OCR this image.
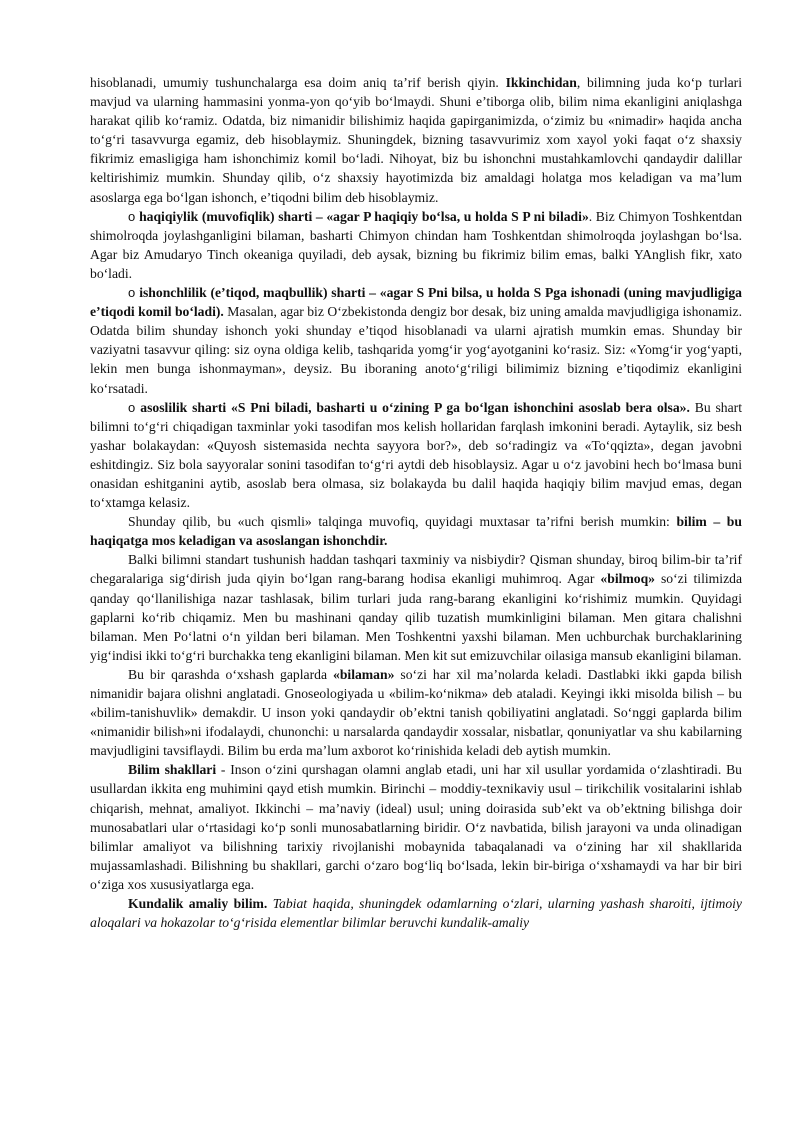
hisoblanadi, umumiy tushunchalarga esa doim aniq ta’rif berish qiyin. Ikkinchidan, bilimning juda ko‘p turlari mavjud va ularning hammasini yonma-yon qo‘yib bo‘lmaydi. Shuni e’tiborga olib, bilim nima ekanligini aniqlashga harakat qilib ko‘ramiz. Odatda, biz nimanidir bilishimiz haqida gapirganimizda, o‘zimiz bu «nimadir» haqida ancha to‘g‘ri tasavvurga egamiz, deb hisoblaymiz. Shuningdek, bizning tasavvurimiz xom xayol yoki faqat o‘z shaxsiy fikrimiz emasligiga ham ishonchimiz komil bo‘ladi. Nihoyat, biz bu ishonchni mustahkamlovchi qandaydir dalillar keltirishimiz mumkin. Shunday qilib, o‘z shaxsiy hayotimizda biz amaldagi holatga mos keladigan va ma’lum asoslarga ega bo‘lgan ishonch, e’tiqodni bilim deb hisoblaymiz.

o haqiqiylik (muvofiqlik) sharti – «agar P haqiqiy bo‘lsa, u holda S P ni biladi». Biz Chimyon Toshkentdan shimolroqda joylashganligini bilaman, basharti Chimyon chindan ham Toshkentdan shimolroqda joylashgan bo‘lsa. Agar biz Amudaryo Tinch okeaniga quyiladi, deb aysak, bizning bu fikrimiz bilim emas, balki YAnglish fikr, xato bo‘ladi.

o ishonchlilik (e’tiqod, maqbullik) sharti – «agar S Pni bilsa, u holda S Pga ishonadi (uning mavjudligiga e’tiqodi komil bo‘ladi). Masalan, agar biz O‘zbekistonda dengiz bor desak, biz uning amalda mavjudligiga ishonamiz. Odatda bilim shunday ishonch yoki shunday e’tiqod hisoblanadi va ularni ajratish mumkin emas. Shunday bir vaziyatni tasavvur qiling: siz oyna oldiga kelib, tashqarida yomg‘ir yog‘ayotganini ko‘rasiz. Siz: «Yomg‘ir yog‘yapti, lekin men bunga ishonmayman», deysiz. Bu iboraning anoto‘g‘riligi bilimimiz bizning e’tiqodimiz ekanligini ko‘rsatadi.

o asoslilik sharti «S Pni biladi, basharti u o‘zining P ga bo‘lgan ishonchini asoslab bera olsa». Bu shart bilimni to‘g‘ri chiqadigan taxminlar yoki tasodifan mos kelish hollaridan farqlash imkonini beradi. Aytaylik, siz besh yashar bolakaydan: «Quyosh sistemasida nechta sayyora bor?», deb so‘radingiz va «To‘qqizta», degan javobni eshitdingiz. Siz bola sayyoralar sonini tasodifan to‘g‘ri aytdi deb hisoblaysiz. Agar u o‘z javobini hech bo‘lmasa buni onasidan eshitganini aytib, asoslab bera olmasa, siz bolakayda bu dalil haqida haqiqiy bilim mavjud emas, degan to‘xtamga kelasiz.

Shunday qilib, bu «uch qismli» talqinga muvofiq, quyidagi muxtasar ta’rifni berish mumkin: bilim – bu haqiqatga mos keladigan va asoslangan ishonchdir.

Balki bilimni standart tushunish haddan tashqari taxminiy va nisbiydir? Qisman shunday, biroq bilim-bir ta’rif chegaralariga sig‘dirish juda qiyin bo‘lgan rang-barang hodisa ekanligi muhimroq. Agar «bilmoq» so‘zi tilimizda qanday qo‘llanilishiga nazar tashlasak, bilim turlari juda rang-barang ekanligini ko‘rishimiz mumkin. Quyidagi gaplarni ko‘rib chiqamiz. Men bu mashinani qanday qilib tuzatish mumkinligini bilaman. Men gitara chalishni bilaman. Men Po‘latni o‘n yildan beri bilaman. Men Toshkentni yaxshi bilaman. Men uchburchak burchaklarining yig‘indisi ikki to‘g‘ri burchakka teng ekanligini bilaman. Men kit sut emizuvchilar oilasiga mansub ekanligini bilaman.

Bu bir qarashda o‘xshash gaplarda «bilaman» so‘zi har xil ma’nolarda keladi. Dastlabki ikki gapda bilish nimanidir bajara olishni anglatadi. Gnoseologiyada u «bilim-ko‘nikma» deb ataladi. Keyingi ikki misolda bilish – bu «bilim-tanishuvlik» demakdir. U inson yoki qandaydir ob’ektni tanish qobiliyatini anglatadi. So‘nggi gaplarda bilim «nimanidir bilish»ni ifodalaydi, chunonchi: u narsalarda qandaydir xossalar, nisbatlar, qonuniyatlar va shu kabilarning mavjudligini tavsiflaydi. Bilim bu erda ma’lum axborot ko‘rinishida keladi deb aytish mumkin.

Bilim shakllari - Inson o‘zini qurshagan olamni anglab etadi, uni har xil usullar yordamida o‘zlashtiradi. Bu usullardan ikkita eng muhimini qayd etish mumkin. Birinchi – moddiy-texnikaviy usul – tirikchilik vositalarini ishlab chiqarish, mehnat, amaliyot. Ikkinchi – ma’naviy (ideal) usul; uning doirasida sub’ekt va ob’ektning bilishga doir munosabatlari ular o‘rtasidagi ko‘p sonli munosabatlarning biridir. O‘z navbatida, bilish jarayoni va unda olinadigan bilimlar amaliyot va bilishning tarixiy rivojlanishi mobaynida tabaqalanadi va o‘zining har xil shakllarida mujassamlashadi. Bilishning bu shakllari, garchi o‘zaro bog‘liq bo‘lsada, lekin bir-biriga o‘xshamaydi va har bir biri o‘ziga xos xususiyatlarga ega.

Kundalik amaliy bilim. Tabiat haqida, shuningdek odamlarning o‘zlari, ularning yashash sharoiti, ijtimoiy aloqalari va hokazolar to‘g‘risida elementlar bilimlar beruvchi kundalik-amaliy
